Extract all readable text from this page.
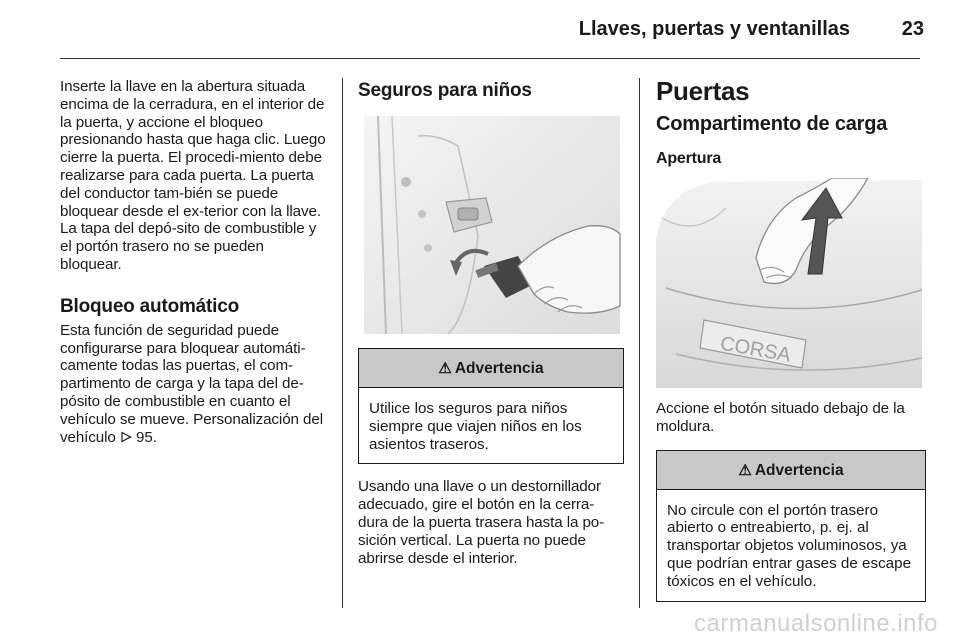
Llaves, puertas y ventanillas	23

Inserte la llave en la abertura situada encima de la cerradura, en el interior de la puerta, y accione el bloqueo presionando hasta que haga clic. Luego cierre la puerta. El procedi-miento debe realizarse para cada puerta. La puerta del conductor tam-bién se puede bloquear desde el ex-terior con la llave. La tapa del depó-sito de combustible y el portón trasero no se pueden bloquear.

Bloqueo automático

Esta función de seguridad puede configurarse para bloquear automáti-camente todas las puertas, el com-partimento de carga y la tapa del de-pósito de combustible en cuanto el vehículo se mueve. Personalización del vehículo 95.

Seguros para niños
⚠ Advertencia
Utilice los seguros para niños siempre que viajen niños en los asientos traseros.

Usando una llave o un destornillador adecuado, gire el botón en la cerra-dura de la puerta trasera hasta la po-sición vertical. La puerta no puede abrirse desde el interior.

Puertas
Compartimento de carga
Apertura
CORSA

Accione el botón situado debajo de la moldura.

⚠ Advertencia
No circule con el portón trasero abierto o entreabierto, p. ej. al transportar objetos voluminosos, ya que podrían entrar gases de escape tóxicos en el vehículo.
carmanualsonline.info
